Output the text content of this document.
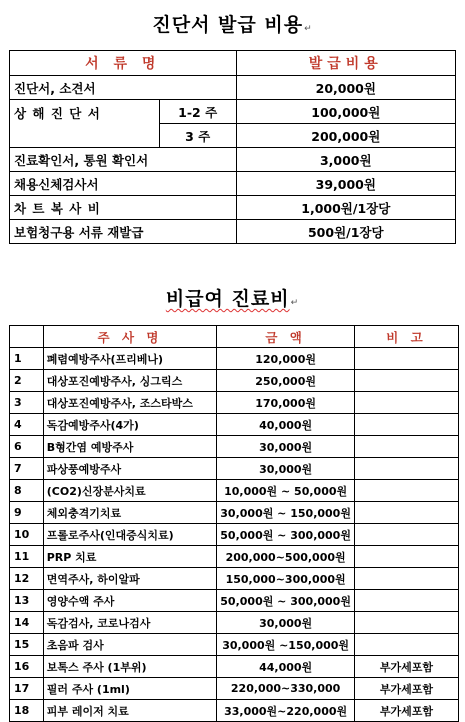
진단서 발급 비용↵
서 류 명		발급비용
진단서, 소견서		20,000원
상 해 진 단 서	1-2 주	100,000원
	3 주	200,000원
진료확인서, 통원 확인서		3,000원
채용신체검사서		39,000원
차 트 복 사 비		1,000원/1장당
보험청구용 서류 재발급		500원/1장당
비급여 진료비↵
	주 사 명	금 액	비 고
1	폐렴예방주사(프리베나)	120,000원	
2	대상포진예방주사, 싱그릭스	250,000원	
3	대상포진예방주사, 조스타박스	170,000원	
4	독감예방주사(4가)	40,000원	
6	B형간염 예방주사	30,000원	
7	파상풍예방주사	30,000원	
8	(CO2)신장분사치료	10,000원 ~ 50,000원	
9	체외충격기치료	30,000원 ~ 150,000원	
10	프롤로주사(인대증식치료)	50,000원 ~ 300,000원	
11	PRP 치료	200,000~500,000원	
12	면역주사, 하이알파	150,000~300,000원	
13	영양수액 주사	50,000원 ~ 300,000원	
14	독감검사, 코로나검사	30,000원	
15	초음파 검사	30,000원 ~150,000원	
16	보톡스 주사 (1부위)	44,000원	부가세포함
17	필러 주사 (1ml)	220,000~330,000	부가세포함
18	피부 레이저 치료	33,000원~220,000원	부가세포함
